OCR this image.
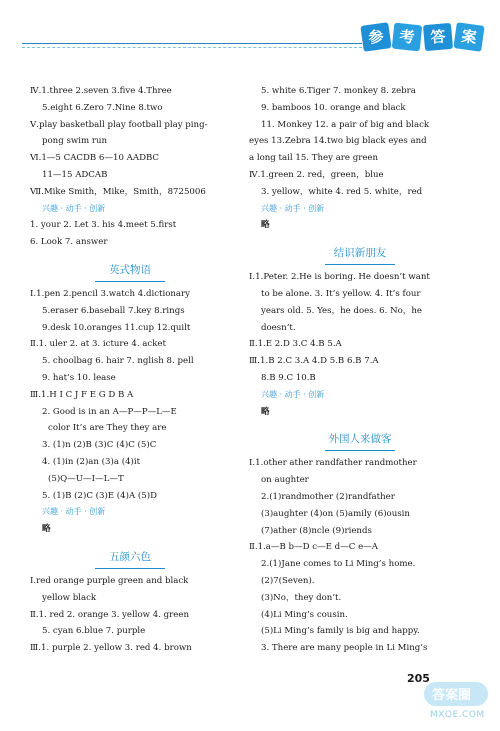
参 考 答 案
Ⅳ.1.three 2.seven 3.five 4.Three
5.eight 6.Zero 7.Nine 8.two
Ⅴ.play basketball play football play ping-
pong swim run
Ⅵ.1—5 CACDB 6—10 AADBC
11—15 ADCAB
Ⅶ.Mike Smith，Mike，Smith，8725006
兴趣 · 动手 · 创新
1. your 2. Let 3. his 4.meet 5.first
6. Look 7. answer
英式物语
Ⅰ.1.pen 2.pencil 3.watch 4.dictionary
5.eraser 6.baseball 7.key 8.rings
9.desk 10.oranges 11.cup 12.quilt
Ⅱ.1. uler 2. at 3. icture 4. acket
5. choolbag 6. hair 7. nglish 8. pell
9. hat’s 10. lease
Ⅲ.1.H I C J F E G D B A
2. Good is in an A—P—P—L—E
color It’s are They they are
3. (1)n (2)B (3)C (4)C (5)C
4. (1)in (2)an (3)a (4)it
(5)Q—U—I—L—T
5. (1)B (2)C (3)E (4)A (5)D
兴趣 · 动手 · 创新
略
五颜六色
Ⅰ.red orange purple green and black
yellow black
Ⅱ.1. red 2. orange 3. yellow 4. green
5. cyan 6.blue 7. purple
Ⅲ.1. purple 2. yellow 3. red 4. brown
5. white 6.Tiger 7. monkey 8. zebra
9. bamboos 10. orange and black
11. Monkey 12. a pair of big and black
eyes 13.Zebra 14.two big black eyes and
a long tail 15. They are green
Ⅳ.1.green 2. red，green，blue
3. yellow，white 4. red 5. white，red
兴趣 · 动手 · 创新
略
结识新朋友
Ⅰ.1.Peter. 2.He is boring. He doesn’t want
to be alone. 3. It’s yellow. 4. It’s four
years old. 5. Yes，he does. 6. No，he
doesn’t.
Ⅱ.1.E 2.D 3.C 4.B 5.A
Ⅲ.1.B 2.C 3.A 4.D 5.B 6.B 7.A
8.B 9.C 10.B
兴趣 · 动手 · 创新
略
外国人来做客
Ⅰ.1.other ather randfather randmother
on aughter
2.(1)randmother (2)randfather
(3)aughter (4)on (5)amily (6)ousin
(7)ather (8)ncle (9)riends
Ⅱ.1.a—B b—D c—E d—C e—A
2.(1)Jane comes to Li Ming’s home.
(2)7(Seven).
(3)No，they don’t.
(4)Li Ming’s cousin.
(5)Li Ming’s family is big and happy.
3. There are many people in Li Ming’s
205
答案圈
MXQE.COM
